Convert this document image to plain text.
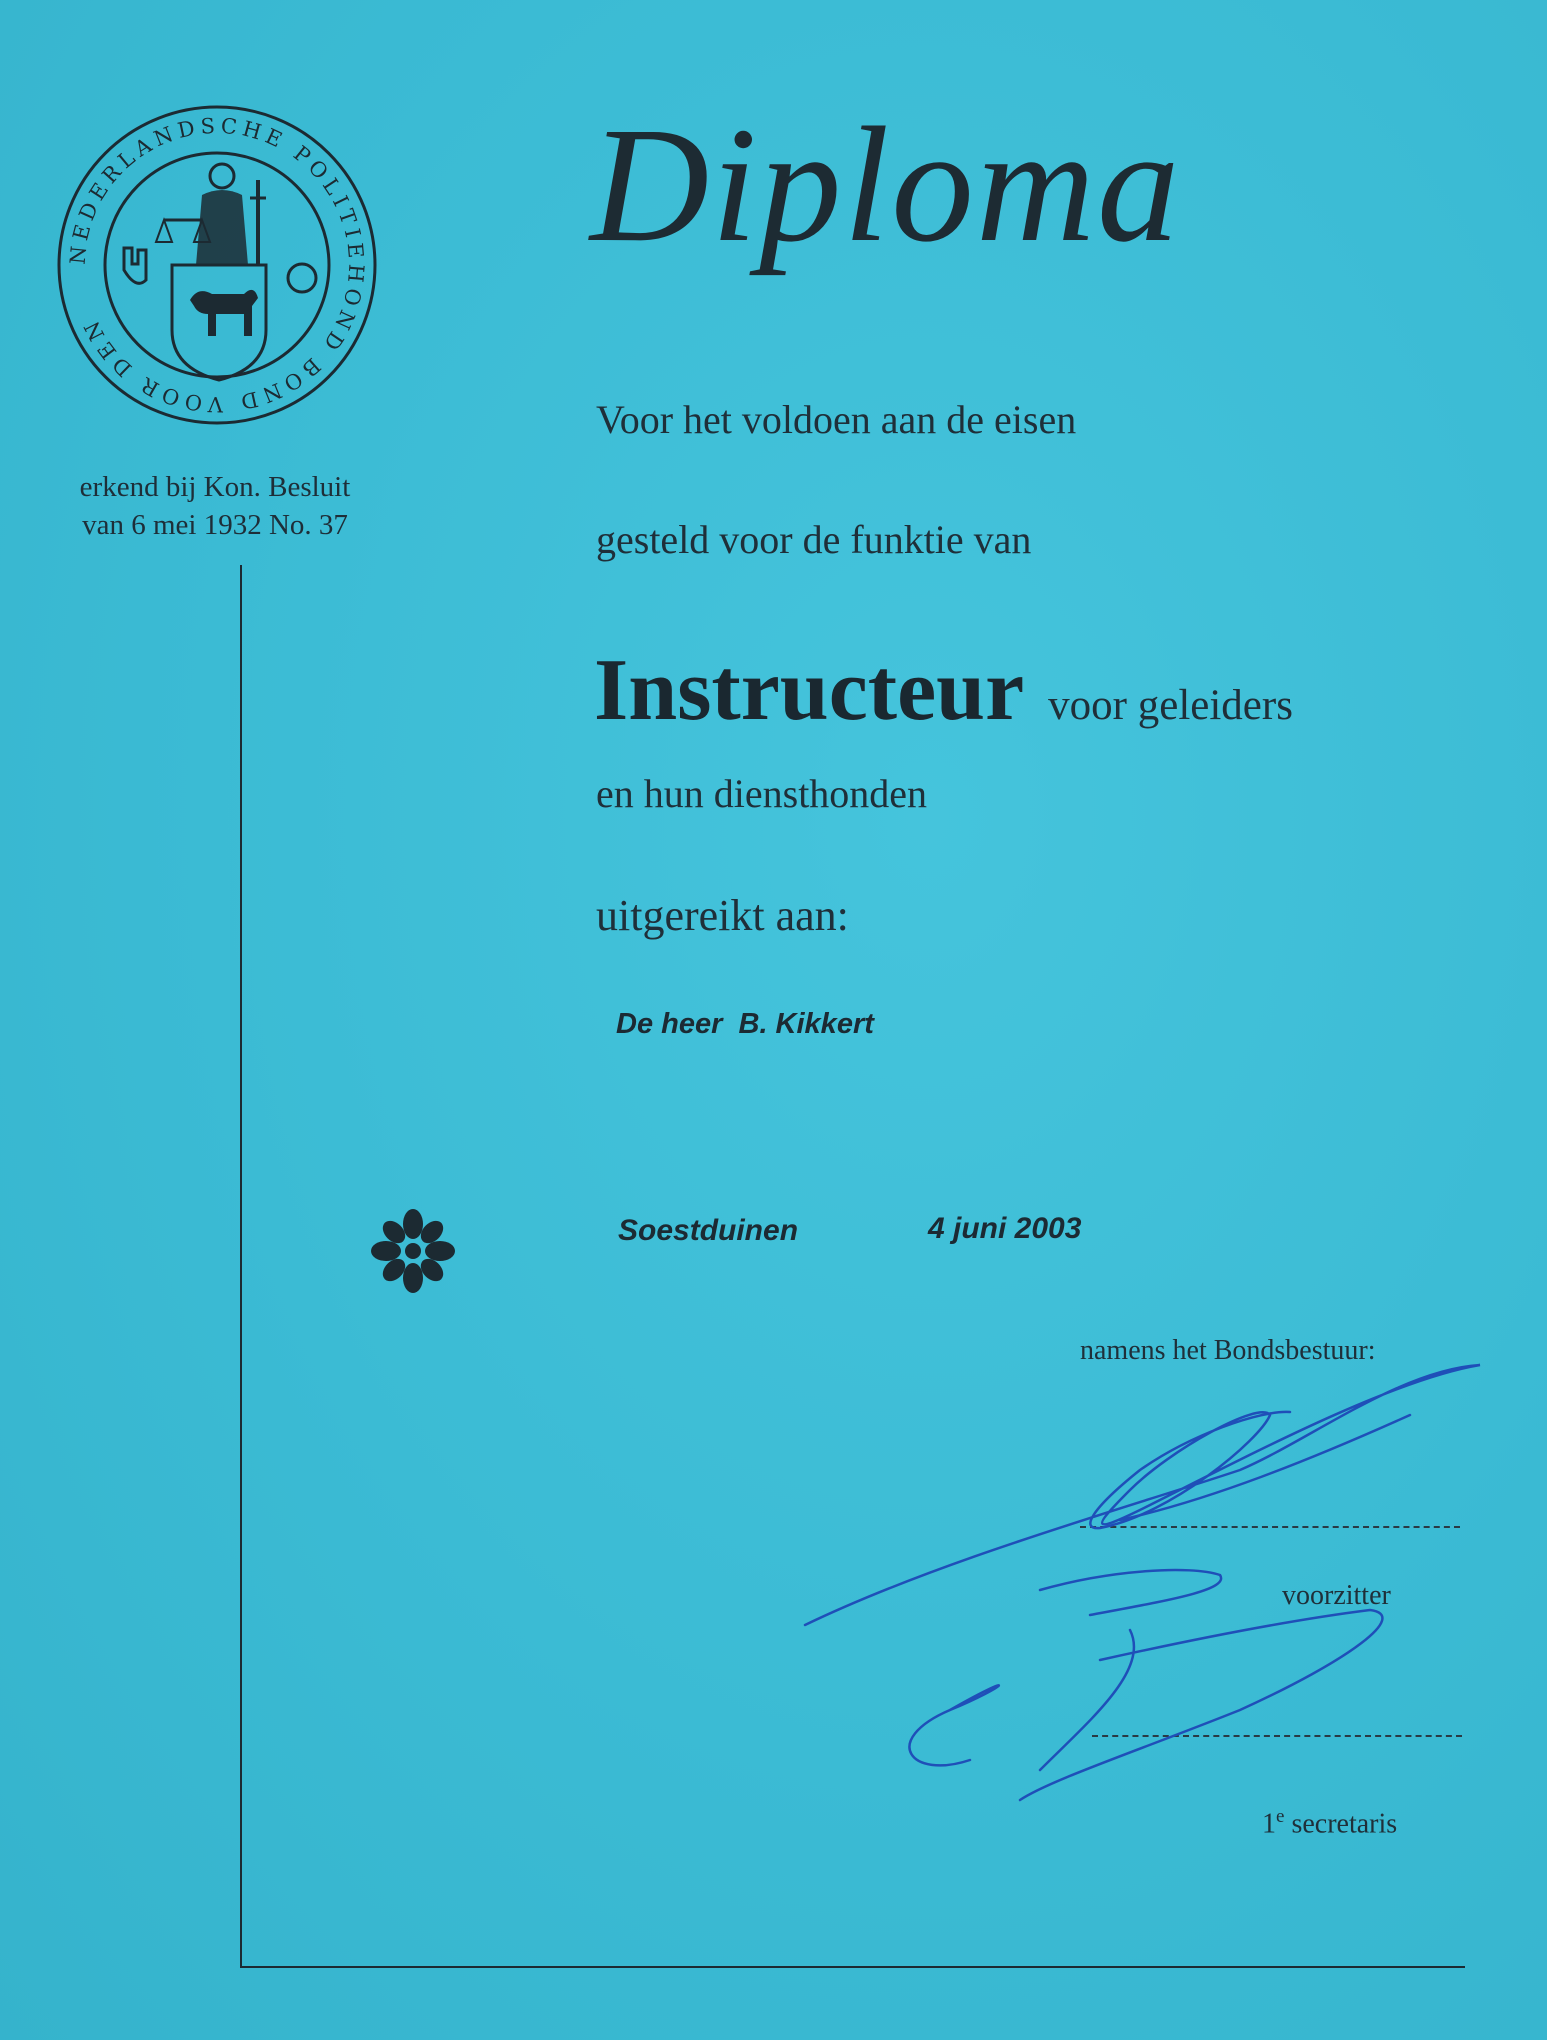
NEDERLANDSCHE POLITIEHOND BOND VOOR DEN
erkend bij Kon. Besluit
van 6 mei 1932 No. 37
Diploma
Voor het voldoen aan de eisen
gesteld voor de funktie van
Instructeur voor geleiders
en hun diensthonden
uitgereikt aan:
De heer  B. Kikkert
Soestduinen	4 juni 2003
namens het Bondsbestuur:
voorzitter
1e secretaris
